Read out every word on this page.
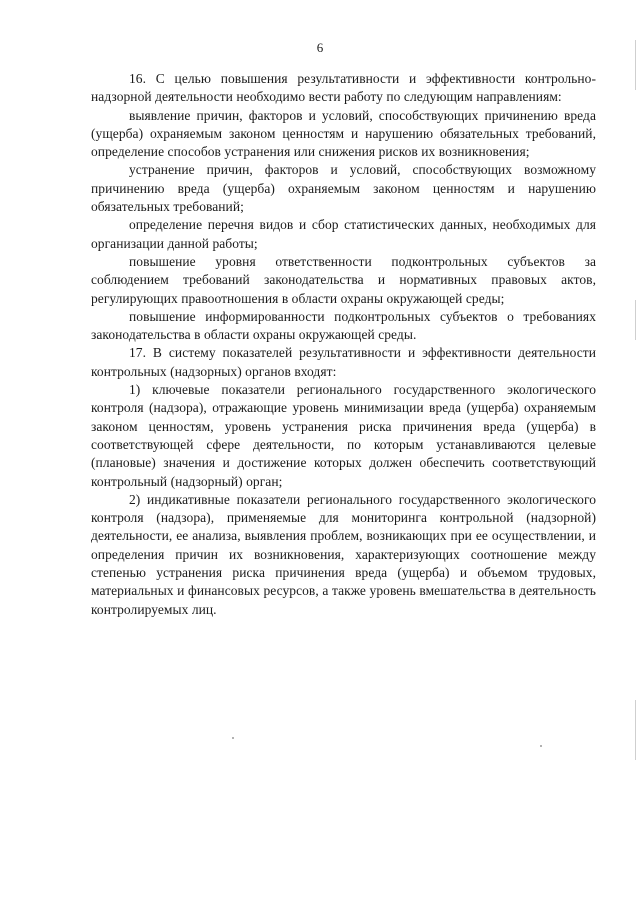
6

16. С целью повышения результативности и эффективности контрольно-надзорной деятельности необходимо вести работу по следующим направлениям:

выявление причин, факторов и условий, способствующих причинению вреда (ущерба) охраняемым законом ценностям и нарушению обязательных требований, определение способов устранения или снижения рисков их возникновения;

устранение причин, факторов и условий, способствующих возможному причинению вреда (ущерба) охраняемым законом ценностям и нарушению обязательных требований;

определение перечня видов и сбор статистических данных, необходимых для организации данной работы;

повышение уровня ответственности подконтрольных субъектов за соблюдением требований законодательства и нормативных правовых актов, регулирующих правоотношения в области охраны окружающей среды;

повышение информированности подконтрольных субъектов о требованиях законодательства в области охраны окружающей среды.

17. В систему показателей результативности и эффективности деятельности контрольных (надзорных) органов входят:

1) ключевые показатели регионального государственного экологического контроля (надзора), отражающие уровень минимизации вреда (ущерба) охраняемым законом ценностям, уровень устранения риска причинения вреда (ущерба) в соответствующей сфере деятельности, по которым устанавливаются целевые (плановые) значения и достижение которых должен обеспечить соответствующий контрольный (надзорный) орган;

2) индикативные показатели регионального государственного экологического контроля (надзора), применяемые для мониторинга контрольной (надзорной) деятельности, ее анализа, выявления проблем, возникающих при ее осуществлении, и определения причин их возникновения, характеризующих соотношение между степенью устранения риска причинения вреда (ущерба) и объемом трудовых, материальных и финансовых ресурсов, а также уровень вмешательства в деятельность контролируемых лиц.
